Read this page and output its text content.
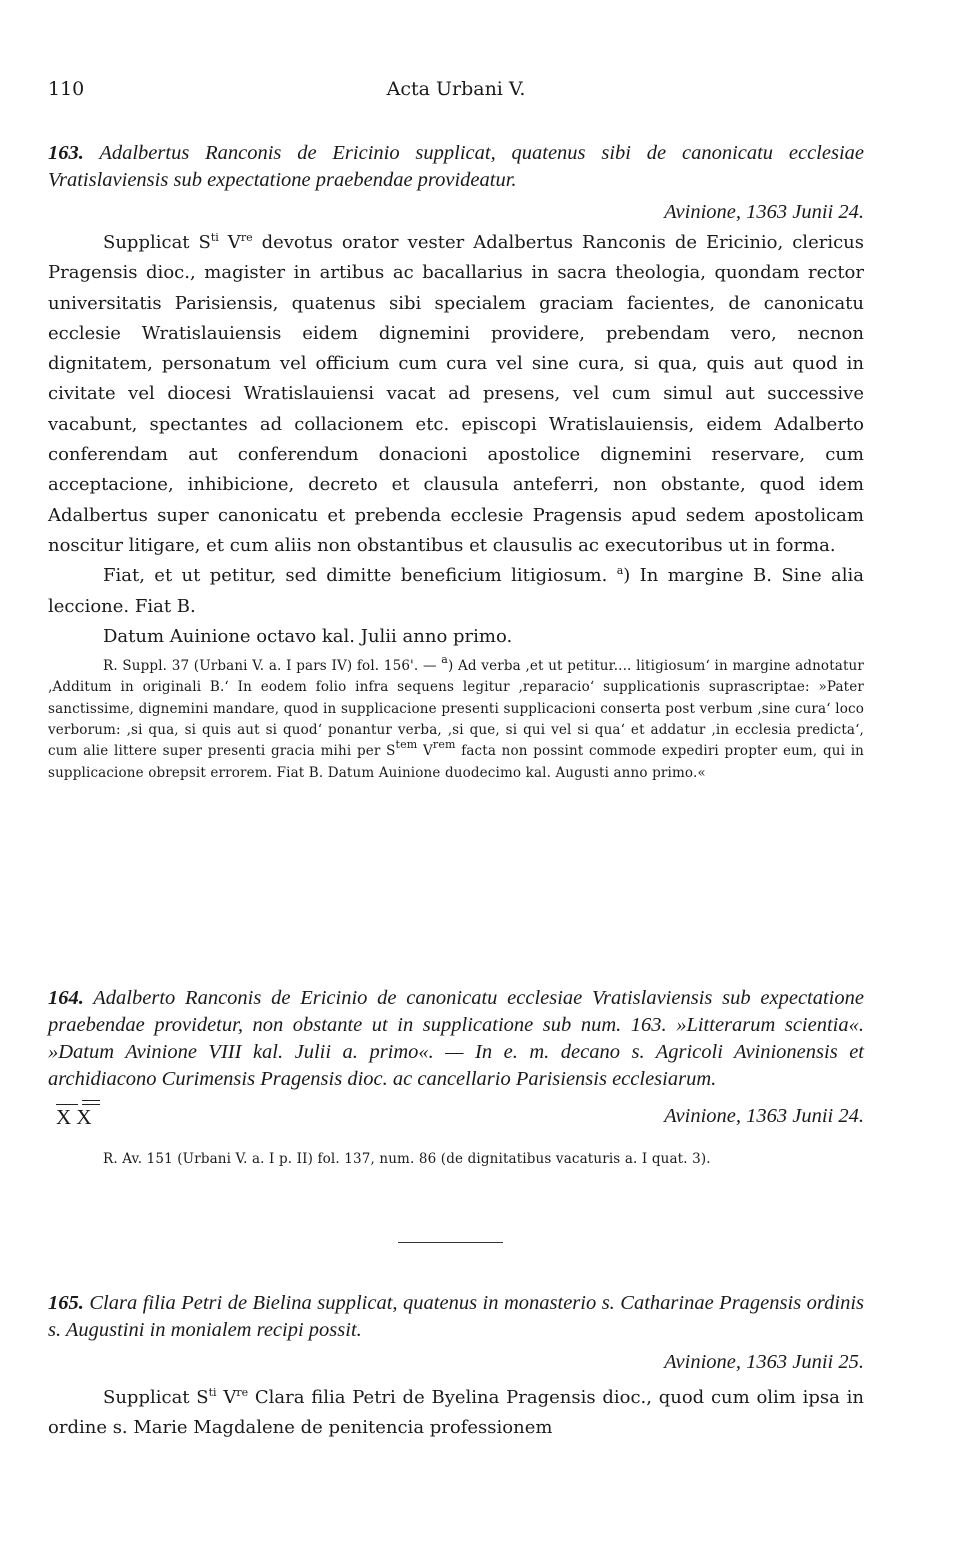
110	Acta Urbani V.
163. Adalbertus Ranconis de Ericinio supplicat, quatenus sibi de canonicatu ecclesiae Vratislaviensis sub expectatione praebendae provideatur.
Avinione, 1363 Junii 24.

Supplicat $S^{ti}$ Vre devotus orator vester Adalbertus Ranconis de Ericinio, clericus Pragensis dioc., magister in artibus ac bacallarius in sacra theologia, quondam rector universitatis Parisiensis, quatenus sibi specialem graciam facientes, de canonicatu ecclesie Wratislauiensis eidem dignemini providere, prebendam vero, necnon dignitatem, personatum vel officium cum cura vel sine cura, si qua, quis aut quod in civitate vel diocesi Wratislauiensi vacat ad presens, vel cum simul aut successive vacabunt, spectantes ad collacionem etc. episcopi Wratislauiensis, eidem Adalberto conferendam aut conferendum donacioni apostolice dignemini reservare, cum acceptacione, inhibicione, decreto et clausula anteferri, non obstante, quod idem Adalbertus super canonicatu et prebenda ecclesie Pragensis apud sedem apostolicam noscitur litigare, et cum aliis non obstantibus et clausulis ac executoribus ut in forma.

Fiat, et ut petitur, sed dimitte beneficium litigiosum. $^a$) In margine B. Sine alia leccione. Fiat B.

Datum Auinione octavo kal. Julii anno primo.

R. Suppl. 37 (Urbani V. a. I pars IV) fol. 156'. — $^a$) Ad verba ‚et ut petitur.... litigiosum‘ in margine adnotatur ‚Additum in originali B.‘ In eodem folio infra sequens legitur ‚reparacio‘ supplicationis suprascriptae: »Pater sanctissime, dignemini mandare, quod in supplicacione presenti supplicacioni conserta post verbum ‚sine cura‘ loco verborum: ‚si qua, si quis aut si quod‘ ponantur verba, ‚si que, si qui vel si qua‘ et addatur ‚in ecclesia predicta‘, cum alie littere super presenti gracia mihi per $S^{tem}$ $V^{rem}$ facta non possint commode expediri propter eum, qui in supplicacione obrepsit errorem. Fiat B. Datum Auinione duodecimo kal. Augusti anno primo.«

164. Adalberto Ranconis de Ericinio de canonicatu ecclesiae Vratislaviensis sub expectatione praebendae providetur, non obstante ut in supplicatione sub num. 163. »Litterarum scientia«. »Datum Avinione VIII kal. Julii a. primo«. — In e. m. decano s. Agricoli Avinionensis et archidiacono Curimensis Pragensis dioc. ac cancellario Parisiensis ecclesiarum.
X X	Avinione, 1363 Junii 24.

R. Av. 151 (Urbani V. a. I p. II) fol. 137, num. 86 (de dignitatibus vacaturis a. I quat. 3).

165. Clara filia Petri de Bielina supplicat, quatenus in monasterio s. Catharinae Pragensis ordinis s. Augustini in monialem recipi possit.
Avinione, 1363 Junii 25.

Supplicat $S^{ti}$ Vre Clara filia Petri de Byelina Pragensis dioc., quod cum olim ipsa in ordine s. Marie Magdalene de penitencia professionem
